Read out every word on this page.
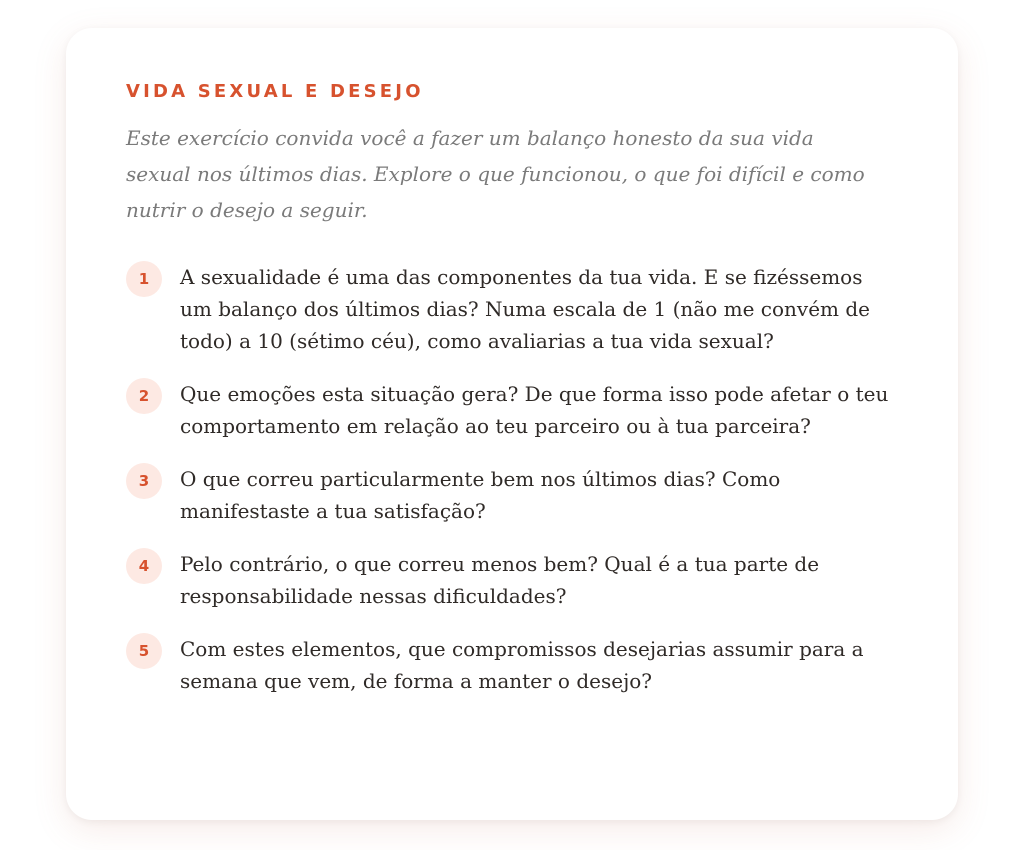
VIDA SEXUAL E DESEJO

Este exercício convida você a fazer um balanço honesto da sua vida sexual nos últimos dias. Explore o que funcionou, o que foi difícil e como nutrir o desejo a seguir.

1	A sexualidade é uma das componentes da tua vida. E se fizéssemos um balanço dos últimos dias? Numa escala de 1 (não me convém de todo) a 10 (sétimo céu), como avaliarias a tua vida sexual?
2	Que emoções esta situação gera? De que forma isso pode afetar o teu comportamento em relação ao teu parceiro ou à tua parceira?
3	O que correu particularmente bem nos últimos dias? Como manifestaste a tua satisfação?
4	Pelo contrário, o que correu menos bem? Qual é a tua parte de responsabilidade nessas dificuldades?
5	Com estes elementos, que compromissos desejarias assumir para a semana que vem, de forma a manter o desejo?
